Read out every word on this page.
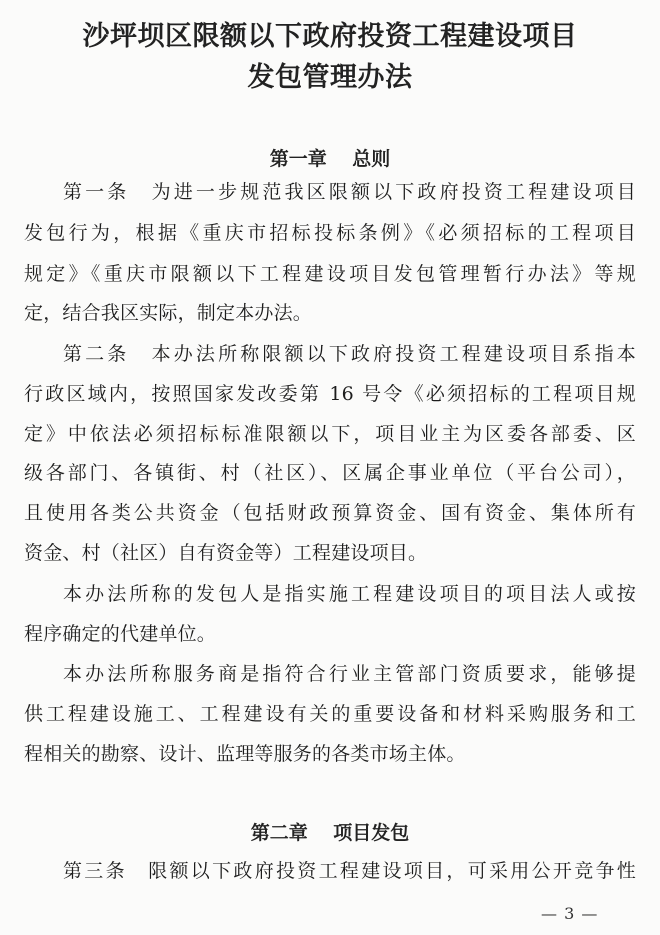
沙坪坝区限额以下政府投资工程建设项目
发包管理办法
第一章　 总则
第一条　为进一步规范我区限额以下政府投资工程建设项目
发包行为，根据《重庆市招标投标条例》《必须招标的工程项目
规定》《重庆市限额以下工程建设项目发包管理暂行办法》等规
定，结合我区实际，制定本办法。
第二条　本办法所称限额以下政府投资工程建设项目系指本
行政区域内，按照国家发改委第 16 号令《必须招标的工程项目规
定》中依法必须招标标准限额以下，项目业主为区委各部委、区
级各部门、各镇街、村（社区）、区属企事业单位（平台公司），
且使用各类公共资金（包括财政预算资金、国有资金、集体所有
资金、村（社区）自有资金等）工程建设项目。
本办法所称的发包人是指实施工程建设项目的项目法人或按
程序确定的代建单位。
本办法所称服务商是指符合行业主管部门资质要求，能够提
供工程建设施工、工程建设有关的重要设备和材料采购服务和工
程相关的勘察、设计、监理等服务的各类市场主体。
第二章　 项目发包
第三条　限额以下政府投资工程建设项目，可采用公开竞争性
— 3 —
